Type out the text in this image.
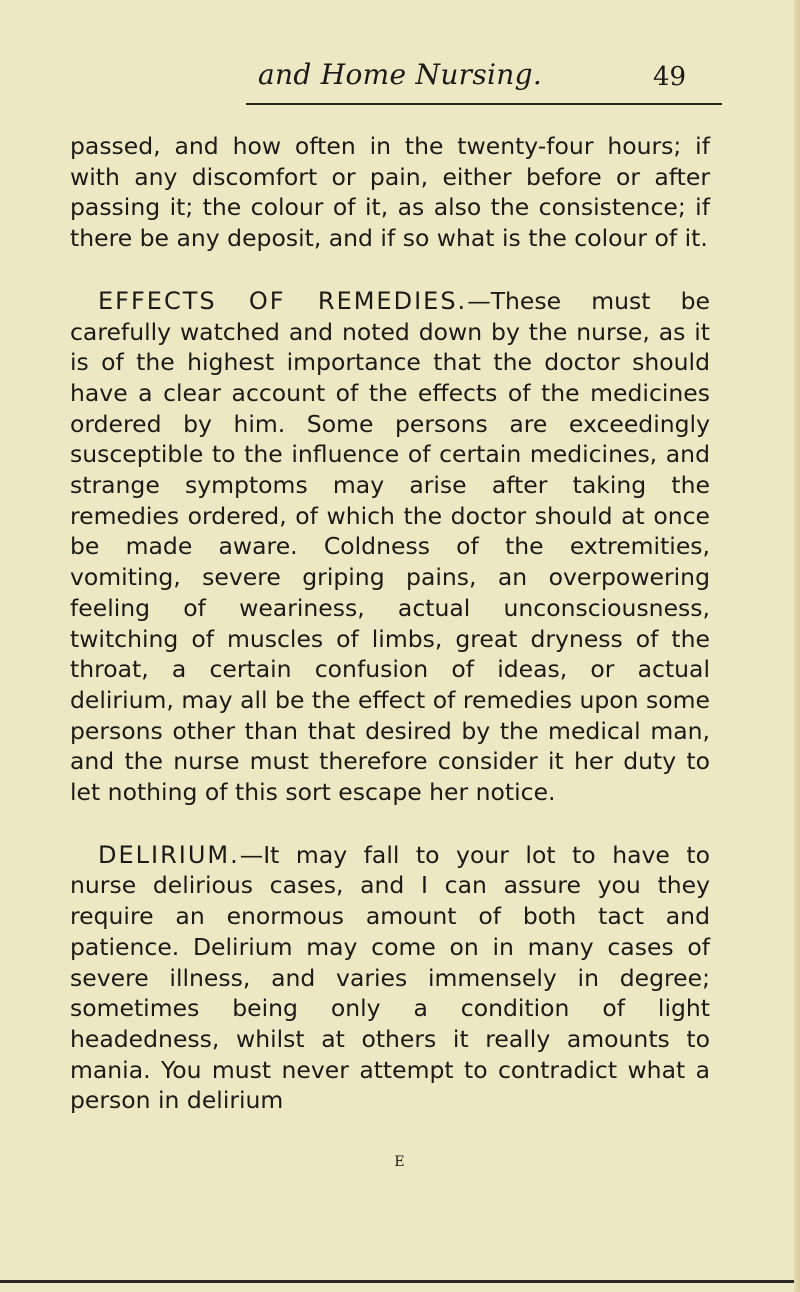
and Home Nursing.	49

passed, and how often in the twenty-four hours; if with any discomfort or pain, either before or after passing it; the colour of it, as also the consistence; if there be any deposit, and if so what is the colour of it.

EFFECTS OF REMEDIES.—These must be carefully watched and noted down by the nurse, as it is of the highest importance that the doctor should have a clear account of the effects of the medicines ordered by him. Some persons are exceedingly susceptible to the influence of certain medicines, and strange symptoms may arise after taking the remedies ordered, of which the doctor should at once be made aware. Coldness of the extremities, vomiting, severe griping pains, an overpowering feeling of weariness, actual unconsciousness, twitching of muscles of limbs, great dryness of the throat, a certain confusion of ideas, or actual delirium, may all be the effect of remedies upon some persons other than that desired by the medical man, and the nurse must therefore consider it her duty to let nothing of this sort escape her notice.

DELIRIUM.—It may fall to your lot to have to nurse delirious cases, and I can assure you they require an enormous amount of both tact and patience. Delirium may come on in many cases of severe illness, and varies immensely in degree; sometimes being only a condition of light headedness, whilst at others it really amounts to mania. You must never attempt to contradict what a person in delirium

E
